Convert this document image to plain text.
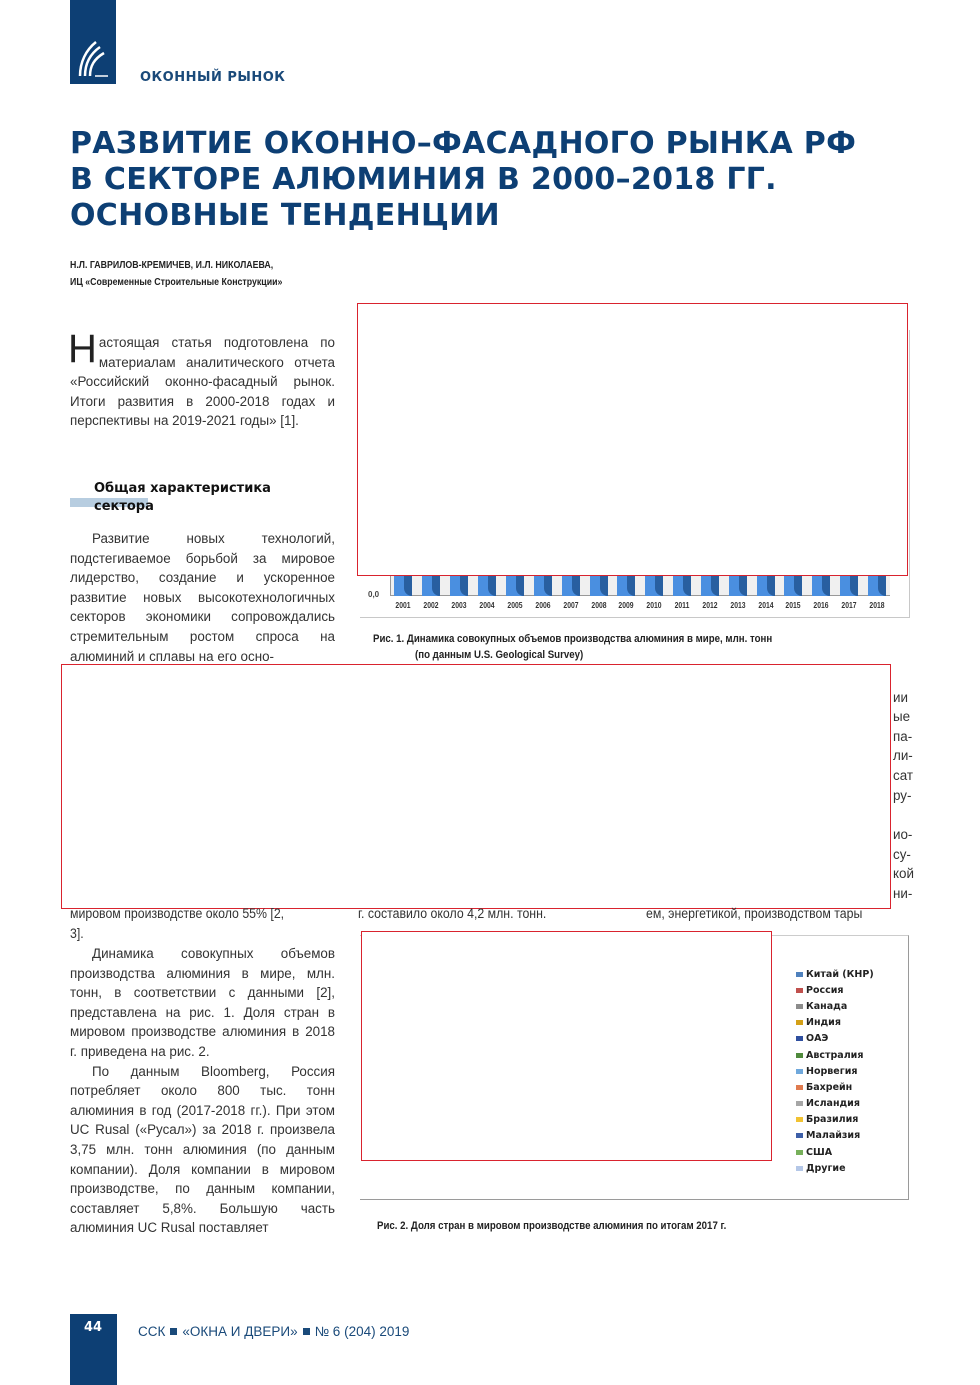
ОКОННЫЙ РЫНОК
РАЗВИТИЕ ОКОННО–ФАСАДНОГО РЫНКА РФ
В СЕКТОРЕ АЛЮМИНИЯ В 2000–2018 ГГ.
ОСНОВНЫЕ ТЕНДЕНЦИИ
Н.Л. ГАВРИЛОВ-КРЕМИЧЕВ, И.Л. НИКОЛАЕВА,
ИЦ «Современные Строительные Конструкции»

Н астоящая статья подготовлена по материалам аналитического отчета «Российский оконно-фасадный рынок. Итоги развития в 2000-2018 годах и перспективы на 2019-2021 годы» [1].

Общая характеристика сектора

Развитие новых технологий, подстегиваемое борьбой за мировое лидерство, создание и ускоренное развитие новых высокотехнологичных секторов экономики сопровождались стремительным ростом спроса на алюминий и сплавы на его осно-

0,0
2001	2002	2003	2004	2005	2006	2007	2008	2009	2010	2011	2012	2013	2014	2015	2016	2017	2018
Рис. 1. Динамика совокупных объемов производства алюминия в мире, млн. тонн
(по данным U.S. Geological Survey)
ии
ые
па-
ли-
сат
ру-
ио-
су-
кой
ни-
мировом производстве около 55% [2,
3].
г. составило около 4,2 млн. тонн.	ем, энергетикой, производством тары

Динамика совокупных объемов производства алюминия в мире, млн. тонн, в соответствии с данными [2], представлена на рис. 1. Доля стран в мировом производстве алюминия в 2018 г. приведена на рис. 2.

По данным Bloomberg, Россия потребляет около 800 тыс. тонн алюминия в год (2017-2018 гг.). При этом UC Rusal («Русал») за 2018 г. произвела 3,75 млн. тонн алюминия (по данным компании). Доля компании в мировом производстве, по данным компании, составляет 5,8%. Большую часть алюминия UC Rusal поставляет

Китай (КНР)
Россия
Канада
Индия
ОАЭ
Австралия
Норвегия
Бахрейн
Исландия
Бразилия
Малайзия
США
Другие
Рис. 2. Доля стран в мировом производстве алюминия по итогам 2017 г.
44	ССК «ОКНА И ДВЕРИ» № 6 (204) 2019
